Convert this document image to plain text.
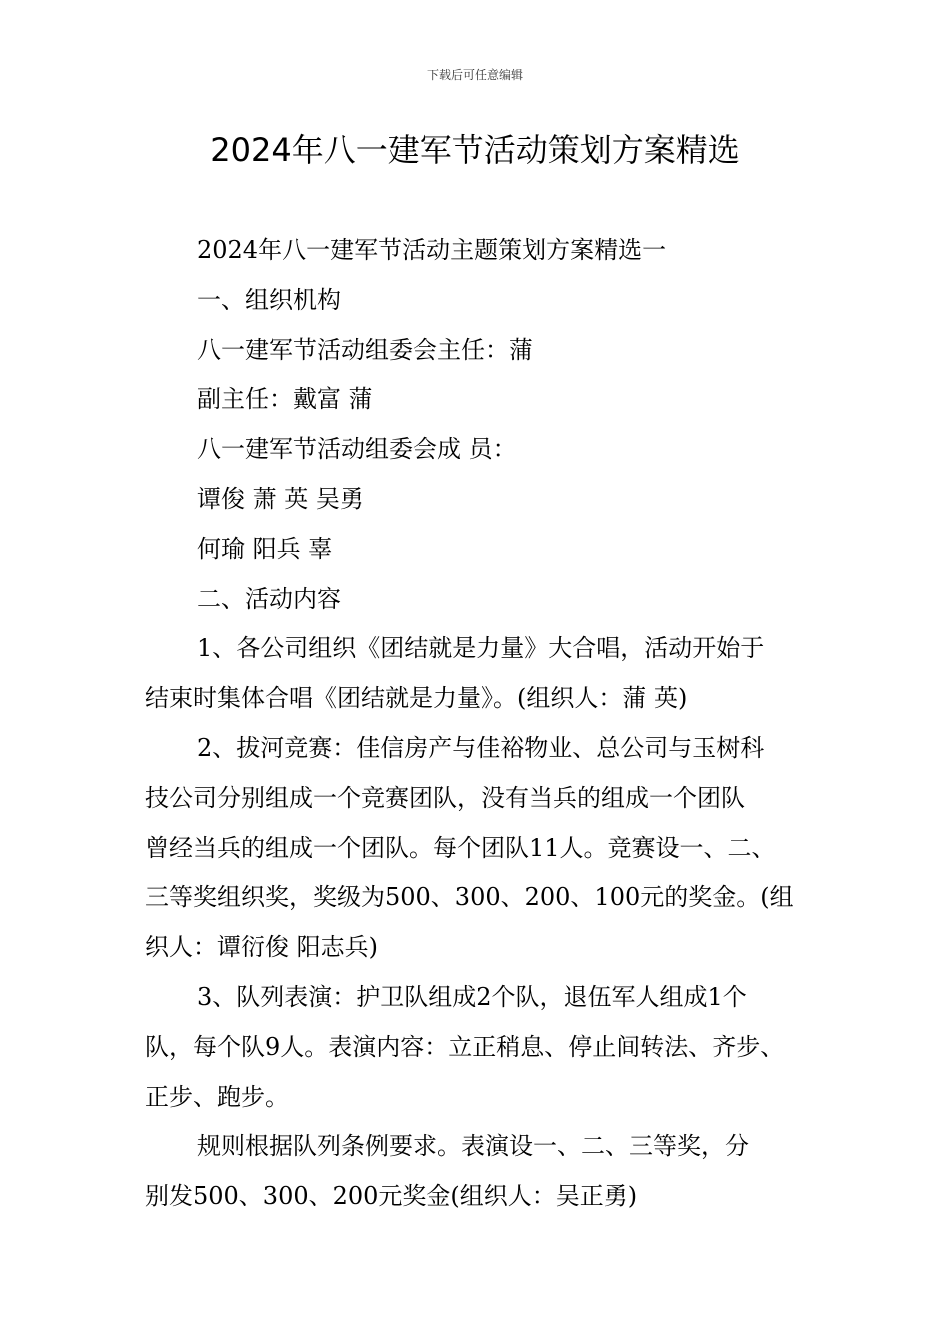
下载后可任意编辑
2024年八一建军节活动策划方案精选

2024年八一建军节活动主题策划方案精选一

一、组织机构

八一建军节活动组委会主任：蒲

副主任：戴富 蒲

八一建军节活动组委会成 员：

谭俊 萧 英 吴勇

何瑜 阳兵 辜

二、活动内容

1、各公司组织《团结就是力量》大合唱，活动开始于

结束时集体合唱《团结就是力量》。(组织人：蒲 英)

2、拔河竞赛：佳信房产与佳裕物业、总公司与玉树科

技公司分别组成一个竞赛团队，没有当兵的组成一个团队

曾经当兵的组成一个团队。每个团队11人。竞赛设一、二、

三等奖组织奖，奖级为500、300、200、100元的奖金。(组

织人：谭衍俊 阳志兵)

3、队列表演：护卫队组成2个队，退伍军人组成1个

队，每个队9人。表演内容：立正稍息、停止间转法、齐步、

正步、跑步。

规则根据队列条例要求。表演设一、二、三等奖，分

别发500、300、200元奖金(组织人：吴正勇)
